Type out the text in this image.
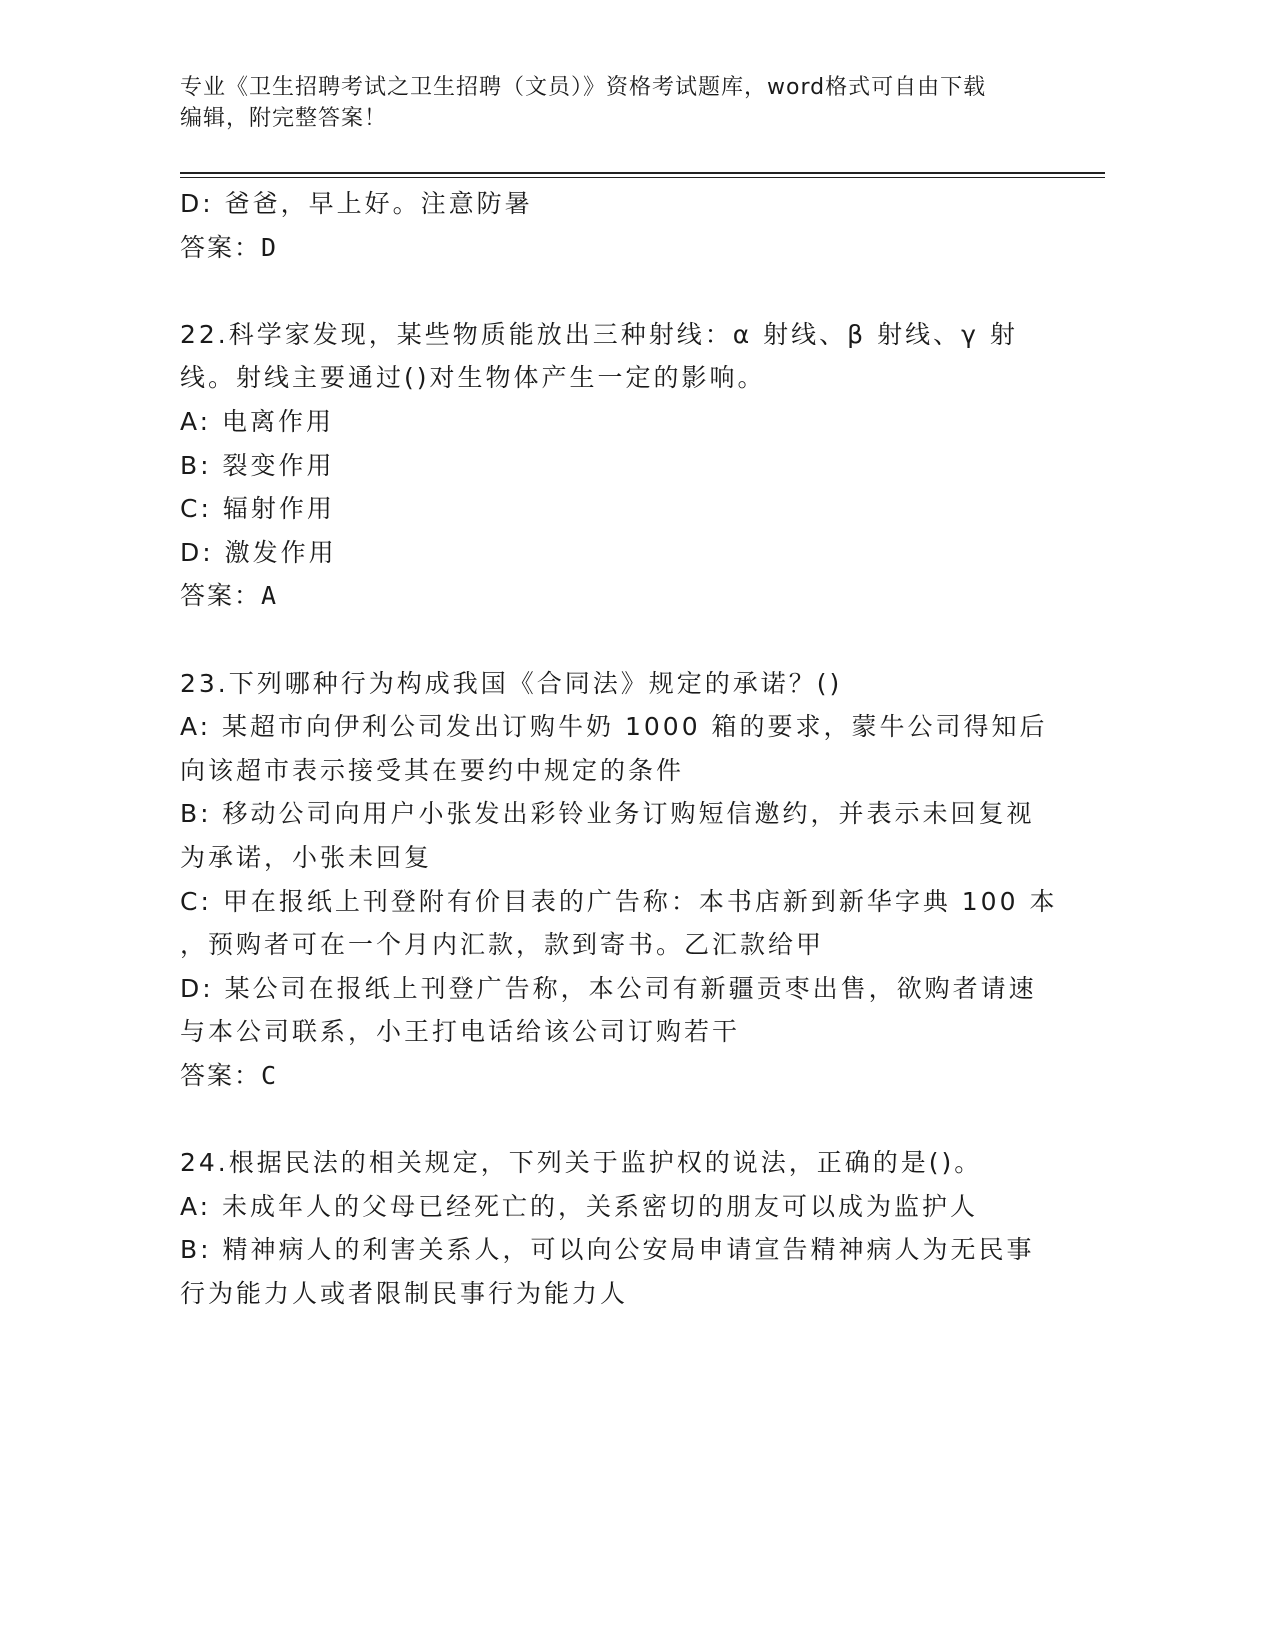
专业《卫生招聘考试之卫生招聘（文员）》资格考试题库，word格式可自由下载
编辑，附完整答案！
D: 爸爸，早上好。注意防暑
答案：D
22.科学家发现，某些物质能放出三种射线：α 射线、β 射线、γ 射
线。射线主要通过()对生物体产生一定的影响。
A: 电离作用
B: 裂变作用
C: 辐射作用
D: 激发作用
答案：A
23.下列哪种行为构成我国《合同法》规定的承诺？()
A: 某超市向伊利公司发出订购牛奶 1000 箱的要求，蒙牛公司得知后
向该超市表示接受其在要约中规定的条件
B: 移动公司向用户小张发出彩铃业务订购短信邀约，并表示未回复视
为承诺，小张未回复
C: 甲在报纸上刊登附有价目表的广告称：本书店新到新华字典 100 本
，预购者可在一个月内汇款，款到寄书。乙汇款给甲
D: 某公司在报纸上刊登广告称，本公司有新疆贡枣出售，欲购者请速
与本公司联系，小王打电话给该公司订购若干
答案：C
24.根据民法的相关规定，下列关于监护权的说法，正确的是()。
A: 未成年人的父母已经死亡的，关系密切的朋友可以成为监护人
B: 精神病人的利害关系人，可以向公安局申请宣告精神病人为无民事
行为能力人或者限制民事行为能力人
